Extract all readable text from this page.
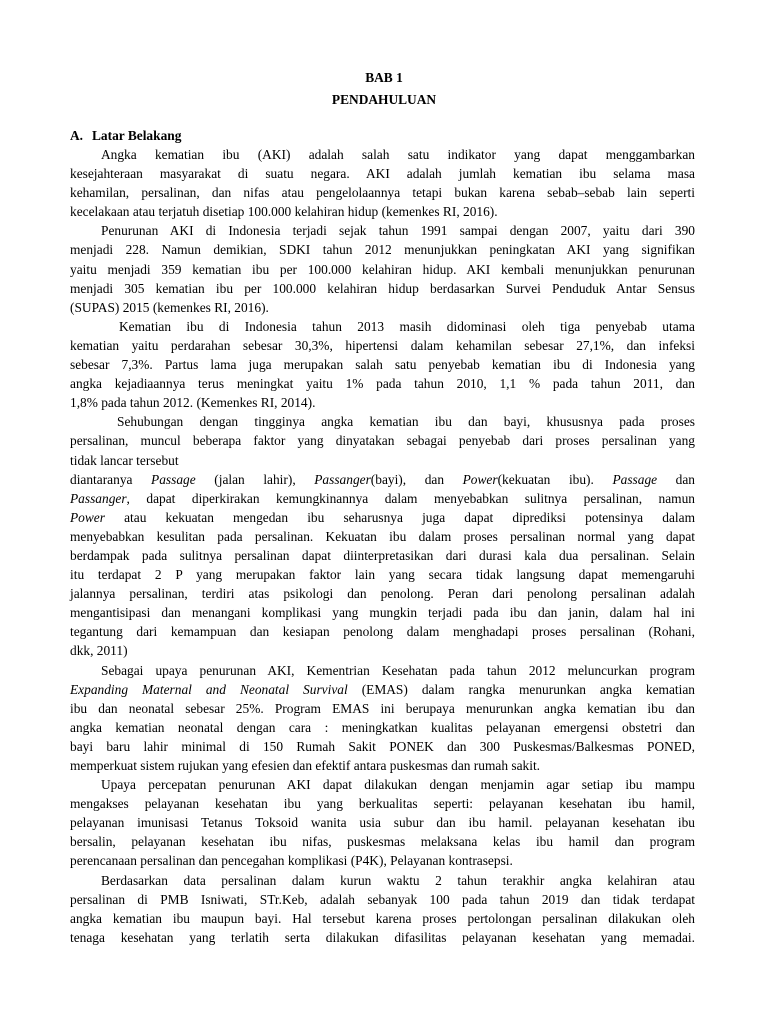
BAB 1
PENDAHULUAN
A. Latar Belakang
Angka kematian ibu (AKI) adalah salah satu indikator yang dapat menggambarkan
kesejahteraan masyarakat di suatu negara. AKI adalah jumlah kematian ibu selama masa
kehamilan, persalinan, dan nifas atau pengelolaannya tetapi bukan karena sebab–sebab lain seperti
kecelakaan atau terjatuh disetiap 100.000 kelahiran hidup (kemenkes RI, 2016).
Penurunan AKI di Indonesia terjadi sejak tahun 1991 sampai dengan 2007, yaitu dari 390
menjadi 228. Namun demikian, SDKI tahun 2012 menunjukkan peningkatan AKI yang signifikan
yaitu menjadi 359 kematian ibu per 100.000 kelahiran hidup. AKI kembali menunjukkan penurunan
menjadi 305 kematian ibu per 100.000 kelahiran hidup berdasarkan Survei Penduduk Antar Sensus
(SUPAS) 2015 (kemenkes RI, 2016).
Kematian ibu di Indonesia tahun 2013 masih didominasi oleh tiga penyebab utama
kematian yaitu perdarahan sebesar 30,3%, hipertensi dalam kehamilan sebesar 27,1%, dan infeksi
sebesar 7,3%. Partus lama juga merupakan salah satu penyebab kematian ibu di Indonesia yang
angka kejadiaannya terus meningkat yaitu 1% pada tahun 2010, 1,1 % pada tahun 2011, dan
1,8% pada tahun 2012. (Kemenkes RI, 2014).
Sehubungan dengan tingginya angka kematian ibu dan bayi, khususnya pada proses
persalinan, muncul beberapa faktor yang dinyatakan sebagai penyebab dari proses persalinan yang
tidak lancar tersebut
diantaranya Passage (jalan lahir), Passanger(bayi), dan Power(kekuatan ibu). Passage dan
Passanger, dapat diperkirakan kemungkinannya dalam menyebabkan sulitnya persalinan, namun
Power atau kekuatan mengedan ibu seharusnya juga dapat diprediksi potensinya dalam
menyebabkan kesulitan pada persalinan. Kekuatan ibu dalam proses persalinan normal yang dapat
berdampak pada sulitnya persalinan dapat diinterpretasikan dari durasi kala dua persalinan. Selain
itu terdapat 2 P yang merupakan faktor lain yang secara tidak langsung dapat memengaruhi
jalannya persalinan, terdiri atas psikologi dan penolong. Peran dari penolong persalinan adalah
mengantisipasi dan menangani komplikasi yang mungkin terjadi pada ibu dan janin, dalam hal ini
tegantung dari kemampuan dan kesiapan penolong dalam menghadapi proses persalinan (Rohani,
dkk, 2011)
Sebagai upaya penurunan AKI, Kementrian Kesehatan pada tahun 2012 meluncurkan program
Expanding Maternal and Neonatal Survival (EMAS) dalam rangka menurunkan angka kematian
ibu dan neonatal sebesar 25%. Program EMAS ini berupaya menurunkan angka kematian ibu dan
angka kematian neonatal dengan cara : meningkatkan kualitas pelayanan emergensi obstetri dan
bayi baru lahir minimal di 150 Rumah Sakit PONEK dan 300 Puskesmas/Balkesmas PONED,
memperkuat sistem rujukan yang efesien dan efektif antara puskesmas dan rumah sakit.
Upaya percepatan penurunan AKI dapat dilakukan dengan menjamin agar setiap ibu mampu
mengakses pelayanan kesehatan ibu yang berkualitas seperti: pelayanan kesehatan ibu hamil,
pelayanan imunisasi Tetanus Toksoid wanita usia subur dan ibu hamil. pelayanan kesehatan ibu
bersalin, pelayanan kesehatan ibu nifas, puskesmas melaksana kelas ibu hamil dan program
perencanaan persalinan dan pencegahan komplikasi (P4K), Pelayanan kontrasepsi.
Berdasarkan data persalinan dalam kurun waktu 2 tahun terakhir angka kelahiran atau
persalinan di PMB Isniwati, STr.Keb, adalah sebanyak 100 pada tahun 2019 dan tidak terdapat
angka kematian ibu maupun bayi. Hal tersebut karena proses pertolongan persalinan dilakukan oleh
tenaga kesehatan yang terlatih serta dilakukan difasilitas pelayanan kesehatan yang memadai.
